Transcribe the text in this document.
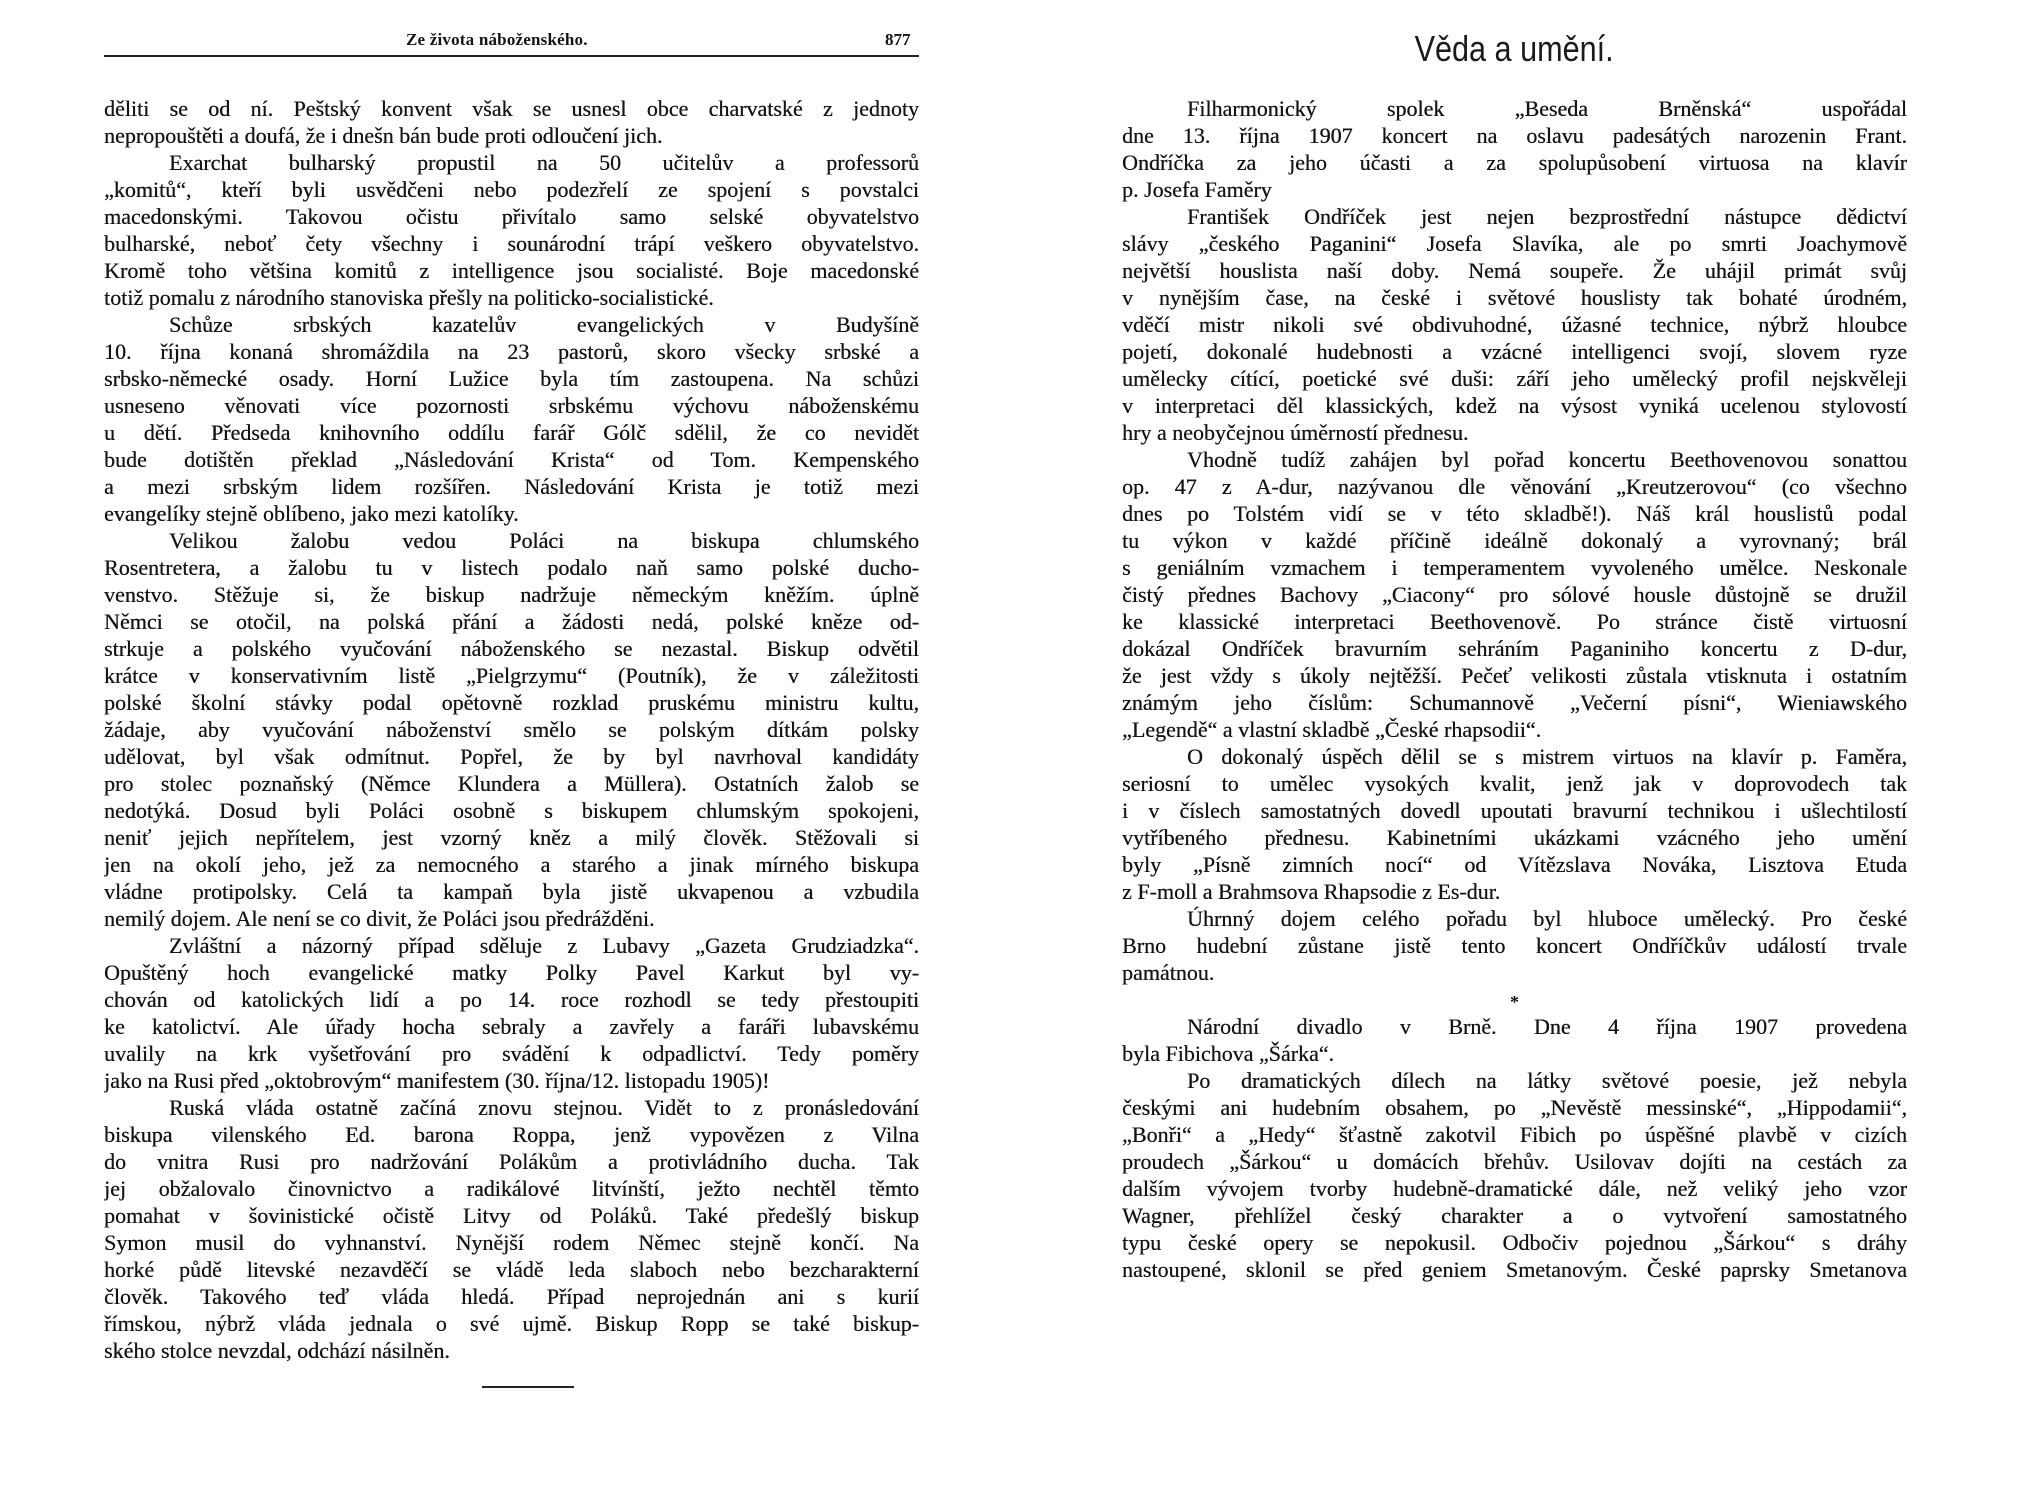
Ze života náboženského.	877
děliti se od ní. Peštský konvent však se usnesl obce charvatské z jednoty
nepropouštěti a doufá, že i dnešn bán bude proti odloučení jich.
Exarchat bulharský propustil na 50 učitelův a professorů
„komitů“, kteří byli usvědčeni nebo podezřelí ze spojení s povstalci
macedonskými. Takovou očistu přivítalo samo selské obyvatelstvo
bulharské, neboť čety všechny i sounárodní trápí veškero obyvatelstvo.
Kromě toho většina komitů z intelligence jsou socialisté. Boje macedonské
totiž pomalu z národního stanoviska přešly na politicko-socialistické.
Schůze srbských kazatelův evangelických v Budyšíně
10. října konaná shromáždila na 23 pastorů, skoro všecky srbské a
srbsko-německé osady. Horní Lužice byla tím zastoupena. Na schůzi
usneseno věnovati více pozornosti srbskému výchovu náboženskému
u dětí. Předseda knihovního oddílu farář Gólč sdělil, že co nevidět
bude dotištěn překlad „Následování Krista“ od Tom. Kempenského
a mezi srbským lidem rozšířen. Následování Krista je totiž mezi
evangelíky stejně oblíbeno, jako mezi katolíky.
Velikou žalobu vedou Poláci na biskupa chlumského
Rosentretera, a žalobu tu v listech podalo naň samo polské ducho-
venstvo. Stěžuje si, že biskup nadržuje německým kněžím. úplně
Němci se otočil, na polská přání a žádosti nedá, polské kněze od-
strkuje a polského vyučování náboženského se nezastal. Biskup odvětil
krátce v konservativním listě „Pielgrzymu“ (Poutník), že v záležitosti
polské školní stávky podal opětovně rozklad pruskému ministru kultu,
žádaje, aby vyučování náboženství smělo se polským dítkám polsky
udělovat, byl však odmítnut. Popřel, že by byl navrhoval kandidáty
pro stolec poznaňský (Němce Klundera a Müllera). Ostatních žalob se
nedotýká. Dosud byli Poláci osobně s biskupem chlumským spokojeni,
neniť jejich nepřítelem, jest vzorný kněz a milý člověk. Stěžovali si
jen na okolí jeho, jež za nemocného a starého a jinak mírného biskupa
vládne protipolsky. Celá ta kampaň byla jistě ukvapenou a vzbudila
nemilý dojem. Ale není se co divit, že Poláci jsou předrážděni.
Zvláštní a názorný případ sděluje z Lubavy „Gazeta Grudziadzka“.
Opuštěný hoch evangelické matky Polky Pavel Karkut byl vy-
chován od katolických lidí a po 14. roce rozhodl se tedy přestoupiti
ke katolictví. Ale úřady hocha sebraly a zavřely a faráři lubavskému
uvalily na krk vyšetřování pro svádění k odpadlictví. Tedy poměry
jako na Rusi před „oktobrovým“ manifestem (30. října/12. listopadu 1905)!
Ruská vláda ostatně začíná znovu stejnou. Vidět to z pronásledování
biskupa vilenského Ed. barona Roppa, jenž vypovězen z Vilna
do vnitra Rusi pro nadržování Polákům a protivládního ducha. Tak
jej obžalovalo činovnictvo a radikálové litvínští, ježto nechtěl těmto
pomahat v šovinistické očistě Litvy od Poláků. Také předešlý biskup
Symon musil do vyhnanství. Nynější rodem Němec stejně končí. Na
horké půdě litevské nezavděčí se vládě leda slaboch nebo bezcharakterní
člověk. Takového teď vláda hledá. Případ neprojednán ani s kurií
římskou, nýbrž vláda jednala o své ujmě. Biskup Ropp se také biskup-
ského stolce nevzdal, odchází násilněn.
Věda a umění.
Filharmonický spolek „Beseda Brněnská“ uspořádal
dne 13. října 1907 koncert na oslavu padesátých narozenin Frant.
Ondříčka za jeho účasti a za spolupůsobení virtuosa na klavír
p. Josefa Faměry
František Ondříček jest nejen bezprostřední nástupce dědictví
slávy „českého Paganini“ Josefa Slavíka, ale po smrti Joachymově
největší houslista naší doby. Nemá soupeře. Že uhájil primát svůj
v nynějším čase, na české i světové houslisty tak bohaté úrodném,
vděčí mistr nikoli své obdivuhodné, úžasné technice, nýbrž hloubce
pojetí, dokonalé hudebnosti a vzácné intelligenci svojí, slovem ryze
umělecky cítící, poetické své duši: září jeho umělecký profil nejskvěleji
v interpretaci děl klassických, kdež na výsost vyniká ucelenou stylovostí
hry a neobyčejnou úměrností přednesu.
Vhodně tudíž zahájen byl pořad koncertu Beethovenovou sonattou
op. 47 z A-dur, nazývanou dle věnování „Kreutzerovou“ (co všechno
dnes po Tolstém vidí se v této skladbě!). Náš král houslistů podal
tu výkon v každé příčině ideálně dokonalý a vyrovnaný; brál
s geniálním vzmachem i temperamentem vyvoleného umělce. Neskonale
čistý přednes Bachovy „Ciacony“ pro sólové housle důstojně se družil
ke klassické interpretaci Beethovenově. Po stránce čistě virtuosní
dokázal Ondříček bravurním sehráním Paganiniho koncertu z D-dur,
že jest vždy s úkoly nejtěžší. Pečeť velikosti zůstala vtisknuta i ostatním
známým jeho číslům: Schumannově „Večerní písni“, Wieniawského
„Legendě“ a vlastní skladbě „České rhapsodii“.
O dokonalý úspěch dělil se s mistrem virtuos na klavír p. Faměra,
seriosní to umělec vysokých kvalit, jenž jak v doprovodech tak
i v číslech samostatných dovedl upoutati bravurní technikou i ušlechtilostí
vytříbeného přednesu. Kabinetními ukázkami vzácného jeho umění
byly „Písně zimních nocí“ od Vítězslava Nováka, Lisztova Etuda
z F-moll a Brahmsova Rhapsodie z Es-dur.
Úhrnný dojem celého pořadu byl hluboce umělecký. Pro české
Brno hudební zůstane jistě tento koncert Ondříčkův událostí trvale
památnou.
*
Národní divadlo v Brně. Dne 4 října 1907 provedena
byla Fibichova „Šárka“.
Po dramatických dílech na látky světové poesie, jež nebyla
českými ani hudebním obsahem, po „Nevěstě messinské“, „Hippodamii“,
„Bonři“ a „Hedy“ šťastně zakotvil Fibich po úspěšné plavbě v cizích
proudech „Šárkou“ u domácích břehův. Usilovav dojíti na cestách za
dalším vývojem tvorby hudebně-dramatické dále, než veliký jeho vzor
Wagner, přehlížel český charakter a o vytvoření samostatného
typu české opery se nepokusil. Odbočiv pojednou „Šárkou“ s dráhy
nastoupené, sklonil se před geniem Smetanovým. České paprsky Smetanova
